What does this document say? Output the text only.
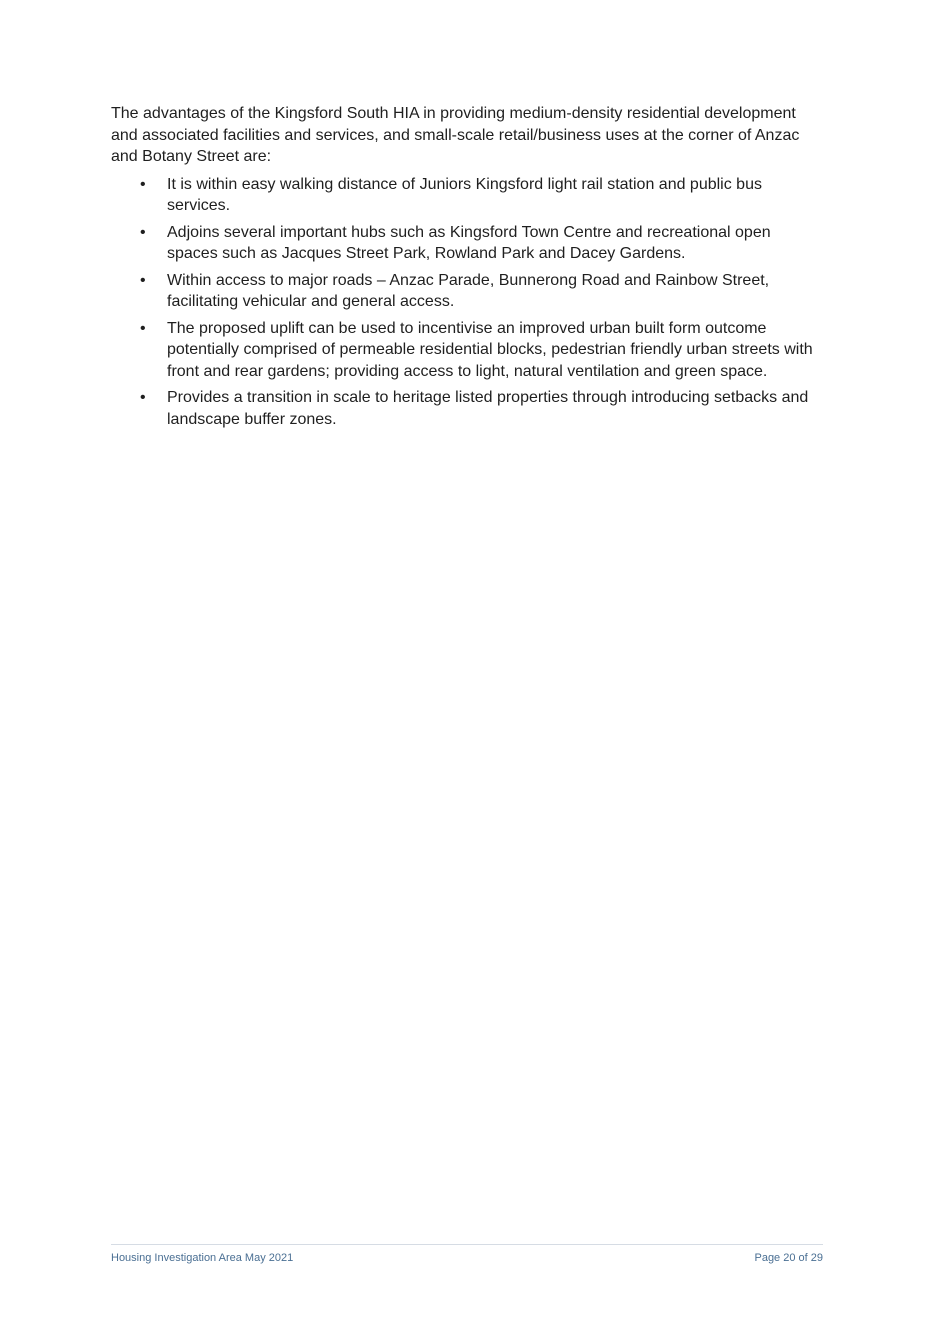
The advantages of the Kingsford South HIA in providing medium-density residential development and associated facilities and services, and small-scale retail/business uses at the corner of Anzac and Botany Street are:

• It is within easy walking distance of Juniors Kingsford light rail station and public bus services.
• Adjoins several important hubs such as Kingsford Town Centre and recreational open spaces such as Jacques Street Park, Rowland Park and Dacey Gardens.
• Within access to major roads – Anzac Parade, Bunnerong Road and Rainbow Street, facilitating vehicular and general access.
• The proposed uplift can be used to incentivise an improved urban built form outcome potentially comprised of permeable residential blocks, pedestrian friendly urban streets with front and rear gardens; providing access to light, natural ventilation and green space.
• Provides a transition in scale to heritage listed properties through introducing setbacks and landscape buffer zones.
Housing Investigation Area May 2021	Page 20 of 29
